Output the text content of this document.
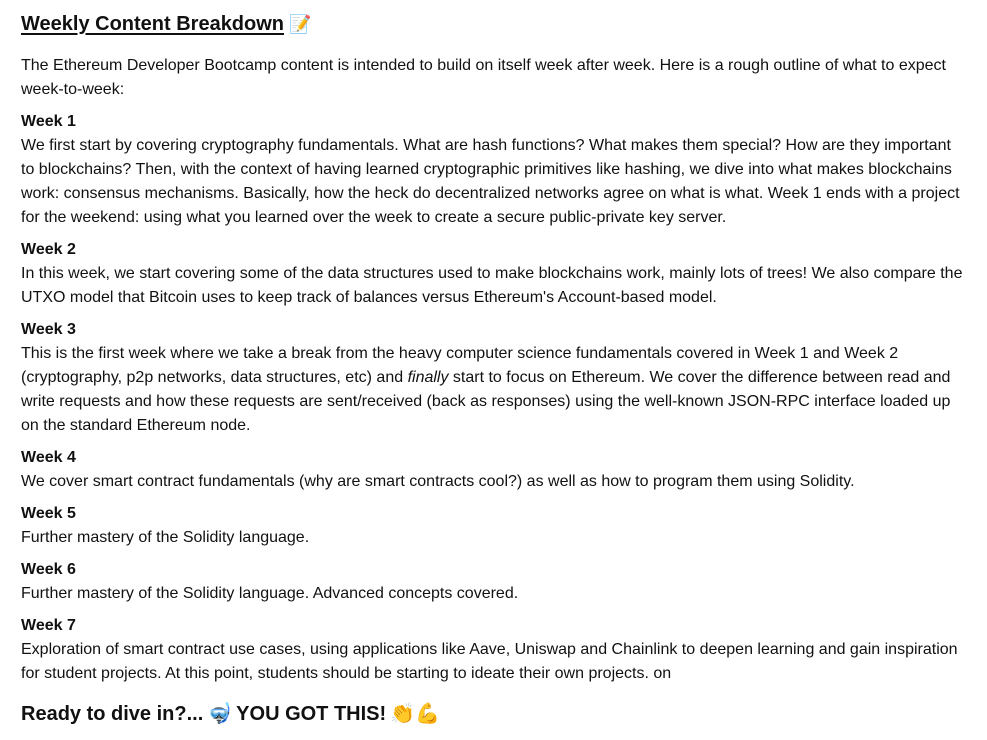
Weekly Content Breakdown 📝

The Ethereum Developer Bootcamp content is intended to build on itself week after week. Here is a rough outline of what to expect week-to-week:

Week 1

We first start by covering cryptography fundamentals. What are hash functions? What makes them special? How are they important to blockchains? Then, with the context of having learned cryptographic primitives like hashing, we dive into what makes blockchains work: consensus mechanisms. Basically, how the heck do decentralized networks agree on what is what. Week 1 ends with a project for the weekend: using what you learned over the week to create a secure public-private key server.

Week 2

In this week, we start covering some of the data structures used to make blockchains work, mainly lots of trees! We also compare the UTXO model that Bitcoin uses to keep track of balances versus Ethereum's Account-based model.

Week 3

This is the first week where we take a break from the heavy computer science fundamentals covered in Week 1 and Week 2 (cryptography, p2p networks, data structures, etc) and finally start to focus on Ethereum. We cover the difference between read and write requests and how these requests are sent/received (back as responses) using the well-known JSON-RPC interface loaded up on the standard Ethereum node.

Week 4

We cover smart contract fundamentals (why are smart contracts cool?) as well as how to program them using Solidity.

Week 5

Further mastery of the Solidity language.

Week 6

Further mastery of the Solidity language. Advanced concepts covered.

Week 7

Exploration of smart contract use cases, using applications like Aave, Uniswap and Chainlink to deepen learning and gain inspiration for student projects. At this point, students should be starting to ideate their own projects. on

Ready to dive in?... 🤿 YOU GOT THIS! 👏 💪
